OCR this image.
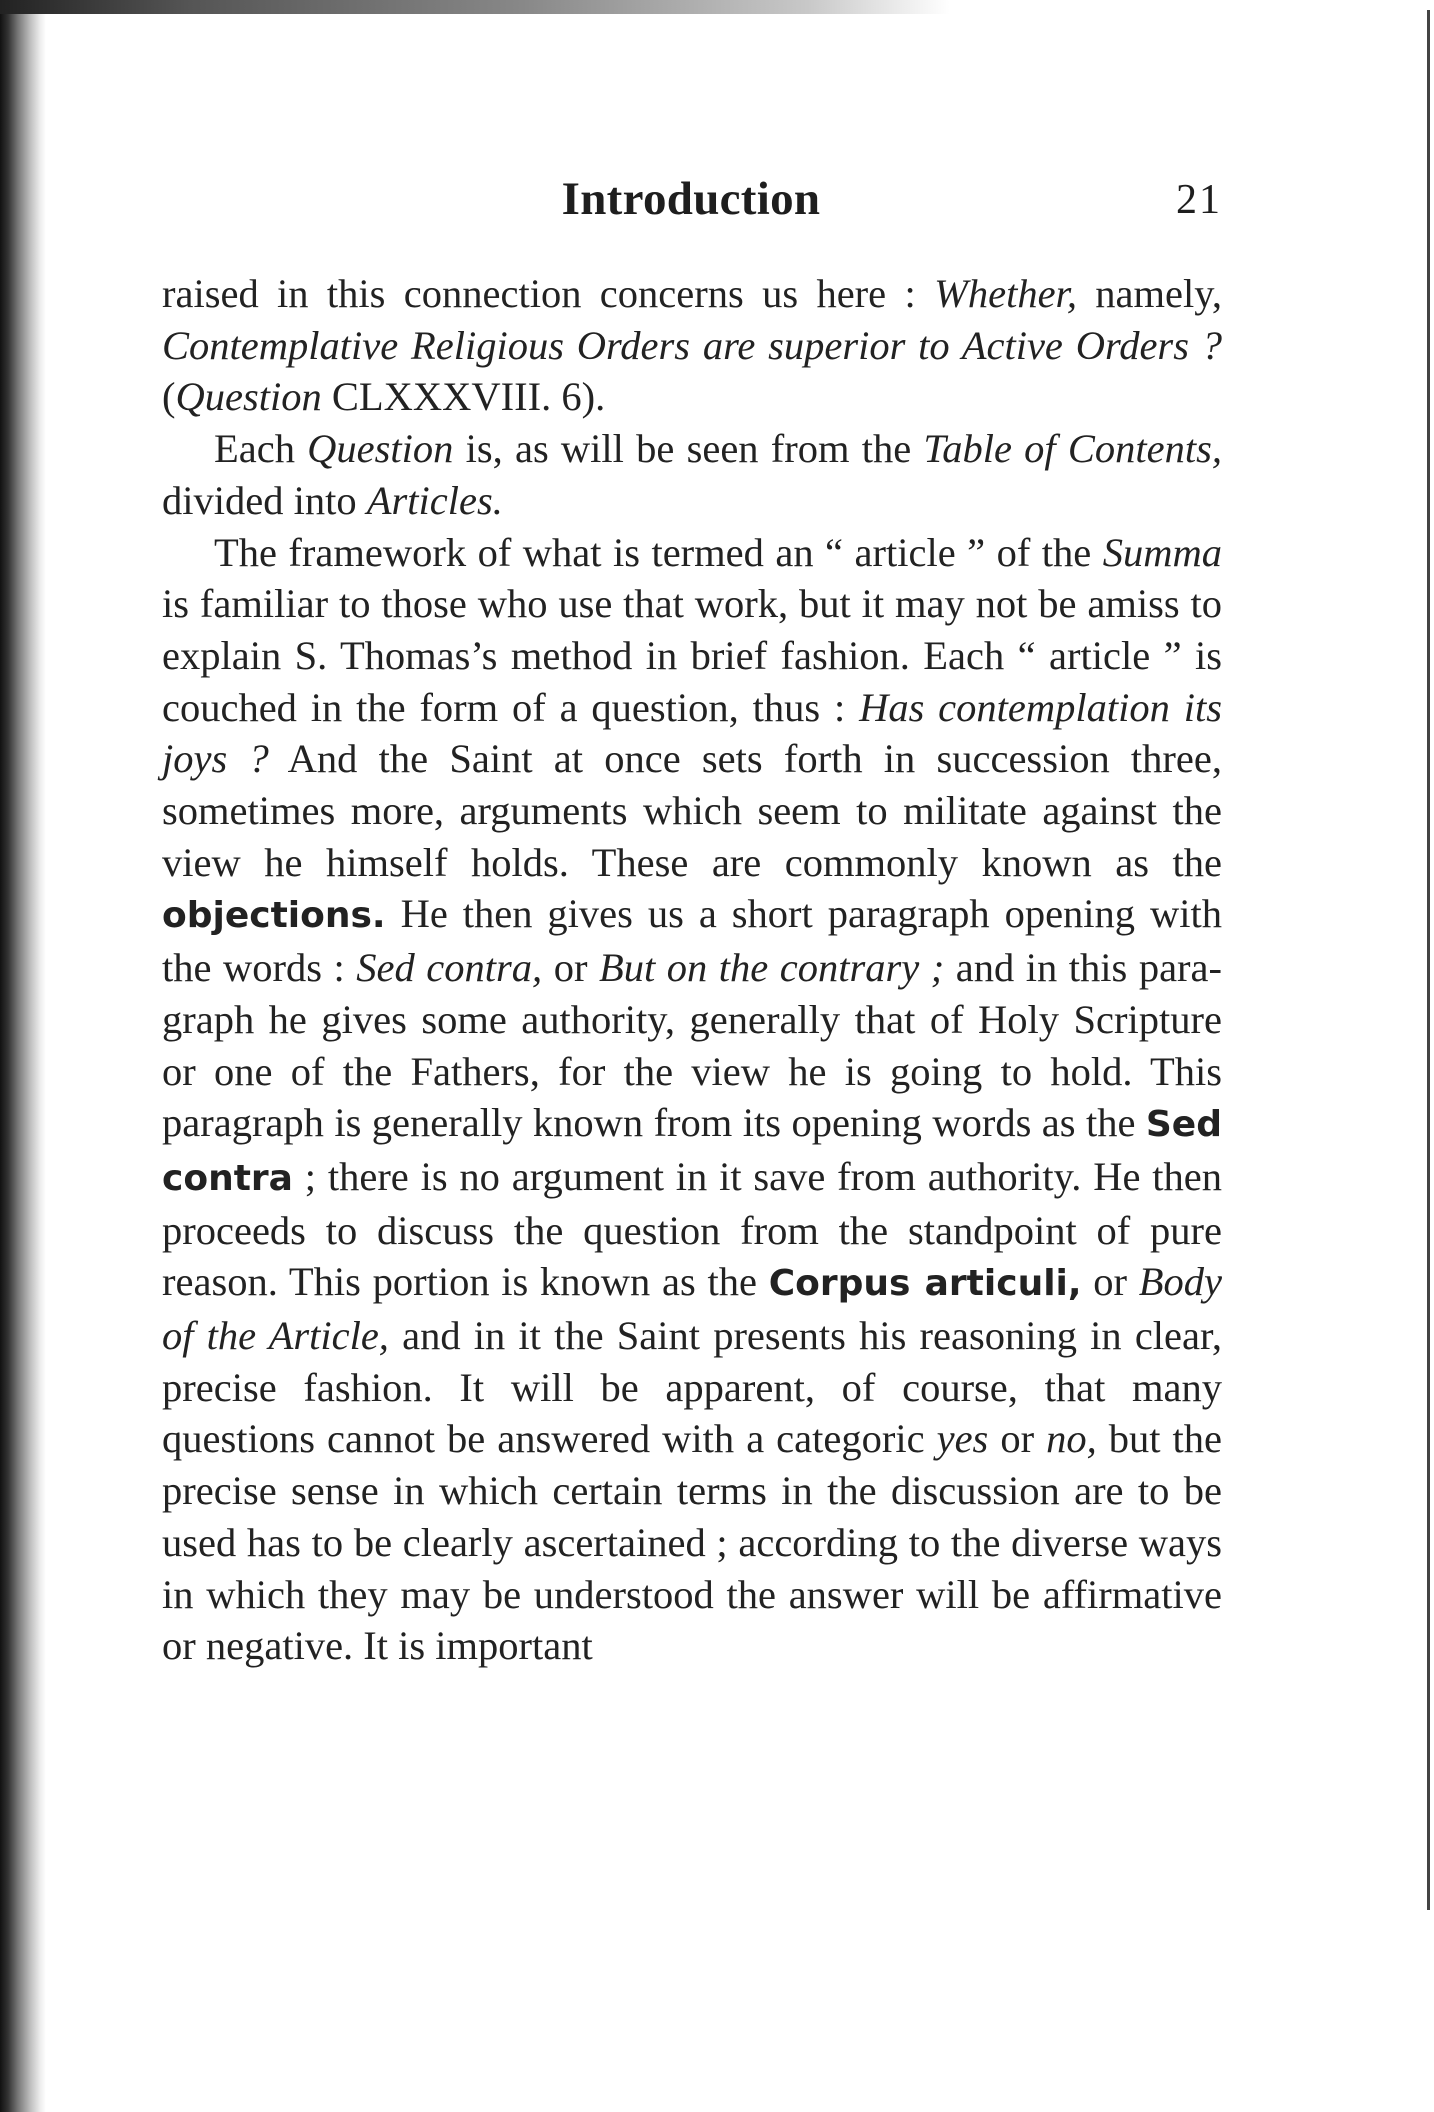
Introduction	21

raised in this connection concerns us here : Whether, namely, Contemplative Religious Orders are superior to Active Orders ? (Question CLXXXVIII. 6).

Each Question is, as will be seen from the Table of Contents, divided into Articles.

The framework of what is termed an “ article ” of the Summa is familiar to those who use that work, but it may not be amiss to explain S. Thomas’s method in brief fashion. Each “ article ” is couched in the form of a question, thus : Has contemplation its joys ? And the Saint at once sets forth in succession three, sometimes more, arguments which seem to militate against the view he himself holds. These are commonly known as the objections. He then gives us a short paragraph opening with the words : Sed contra, or But on the contrary ; and in this para-graph he gives some authority, generally that of Holy Scripture or one of the Fathers, for the view he is going to hold. This paragraph is generally known from its opening words as the Sed contra ; there is no argument in it save from authority. He then proceeds to discuss the question from the standpoint of pure reason. This portion is known as the Corpus articuli, or Body of the Article, and in it the Saint presents his reasoning in clear, precise fashion. It will be apparent, of course, that many questions cannot be answered with a categoric yes or no, but the precise sense in which certain terms in the discussion are to be used has to be clearly ascertained ; according to the diverse ways in which they may be understood the answer will be affirmative or negative. It is important
